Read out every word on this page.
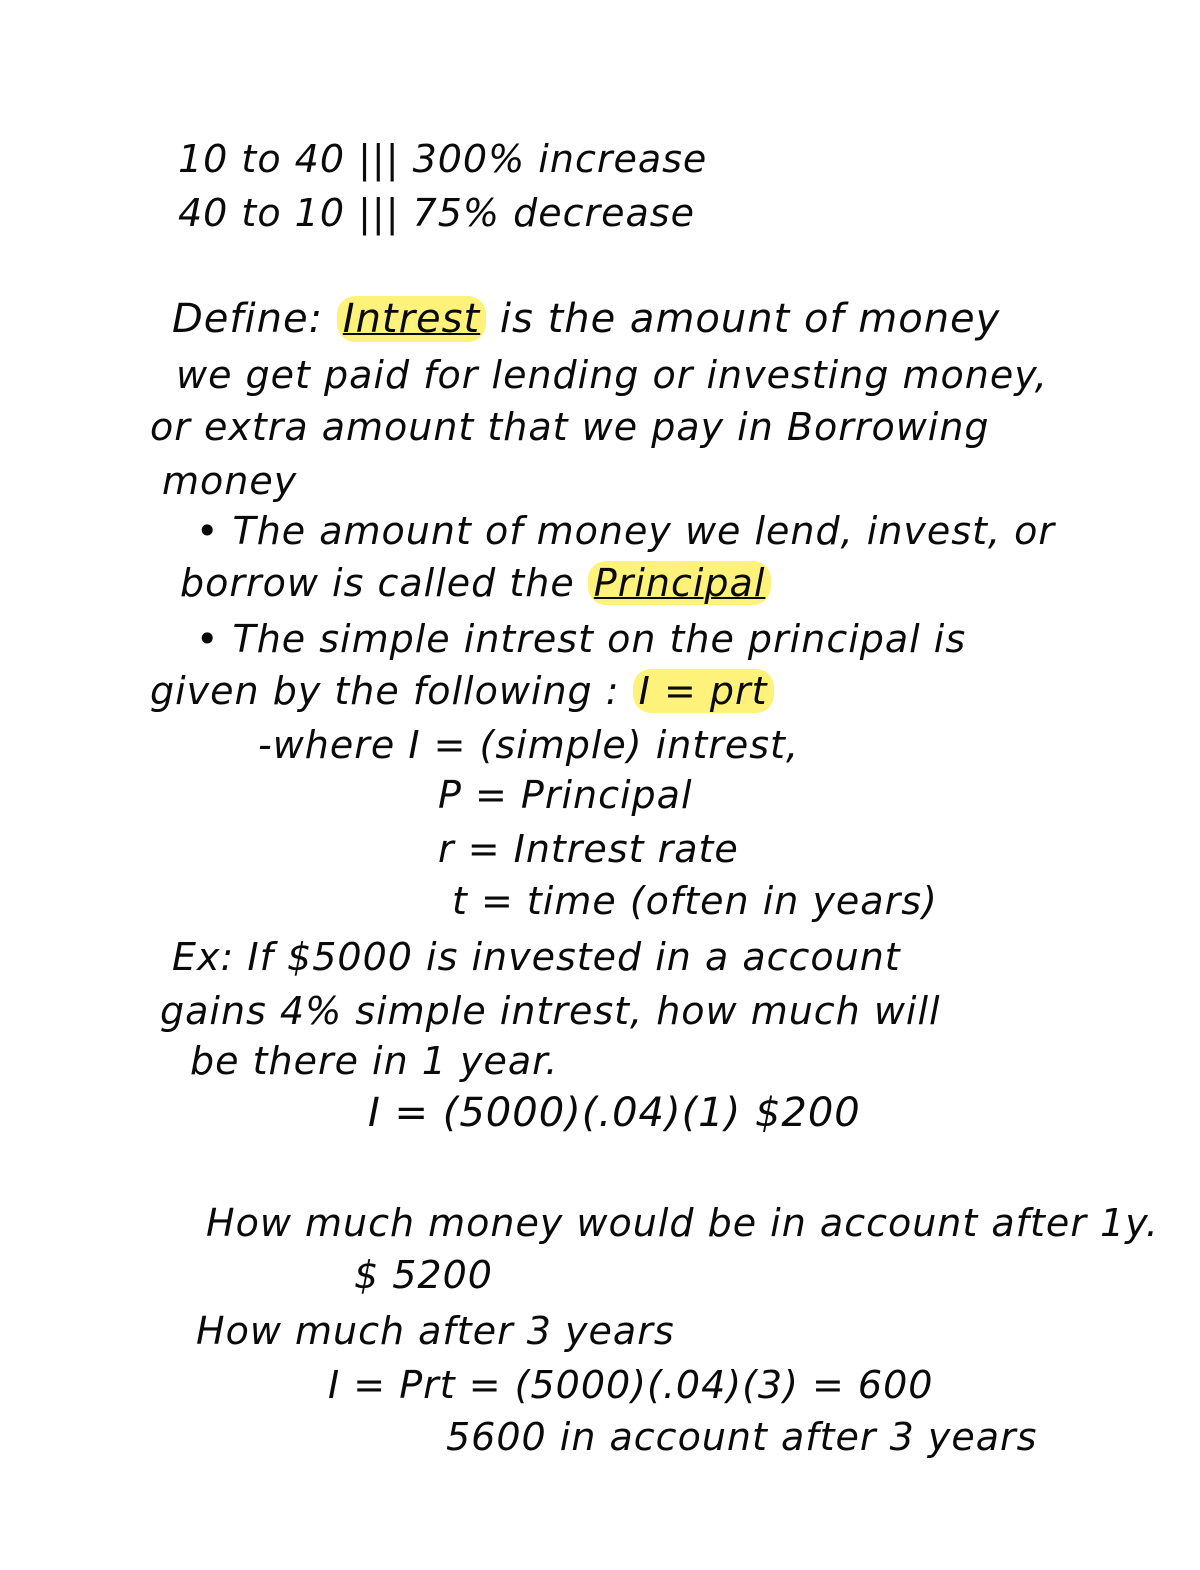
10 to 40 ||| 300% increase
40 to 10 ||| 75% decrease
Define: Intrest is the amount of money
we get paid for lending or investing money,
or extra amount that we pay in Borrowing
money
• The amount of money we lend, invest, or
borrow is called the Principal
• The simple intrest on the principal is
given by the following : I = prt
-where I = (simple) intrest,
P = Principal
r = Intrest rate
t = time (often in years)
Ex: If $5000 is invested in a account
gains 4% simple intrest, how much will
be there in 1 year.
I = (5000)(.04)(1) $200
How much money would be in account after 1y.
$ 5200
How much after 3 years
I = Prt = (5000)(.04)(3) = 600
5600 in account after 3 years
